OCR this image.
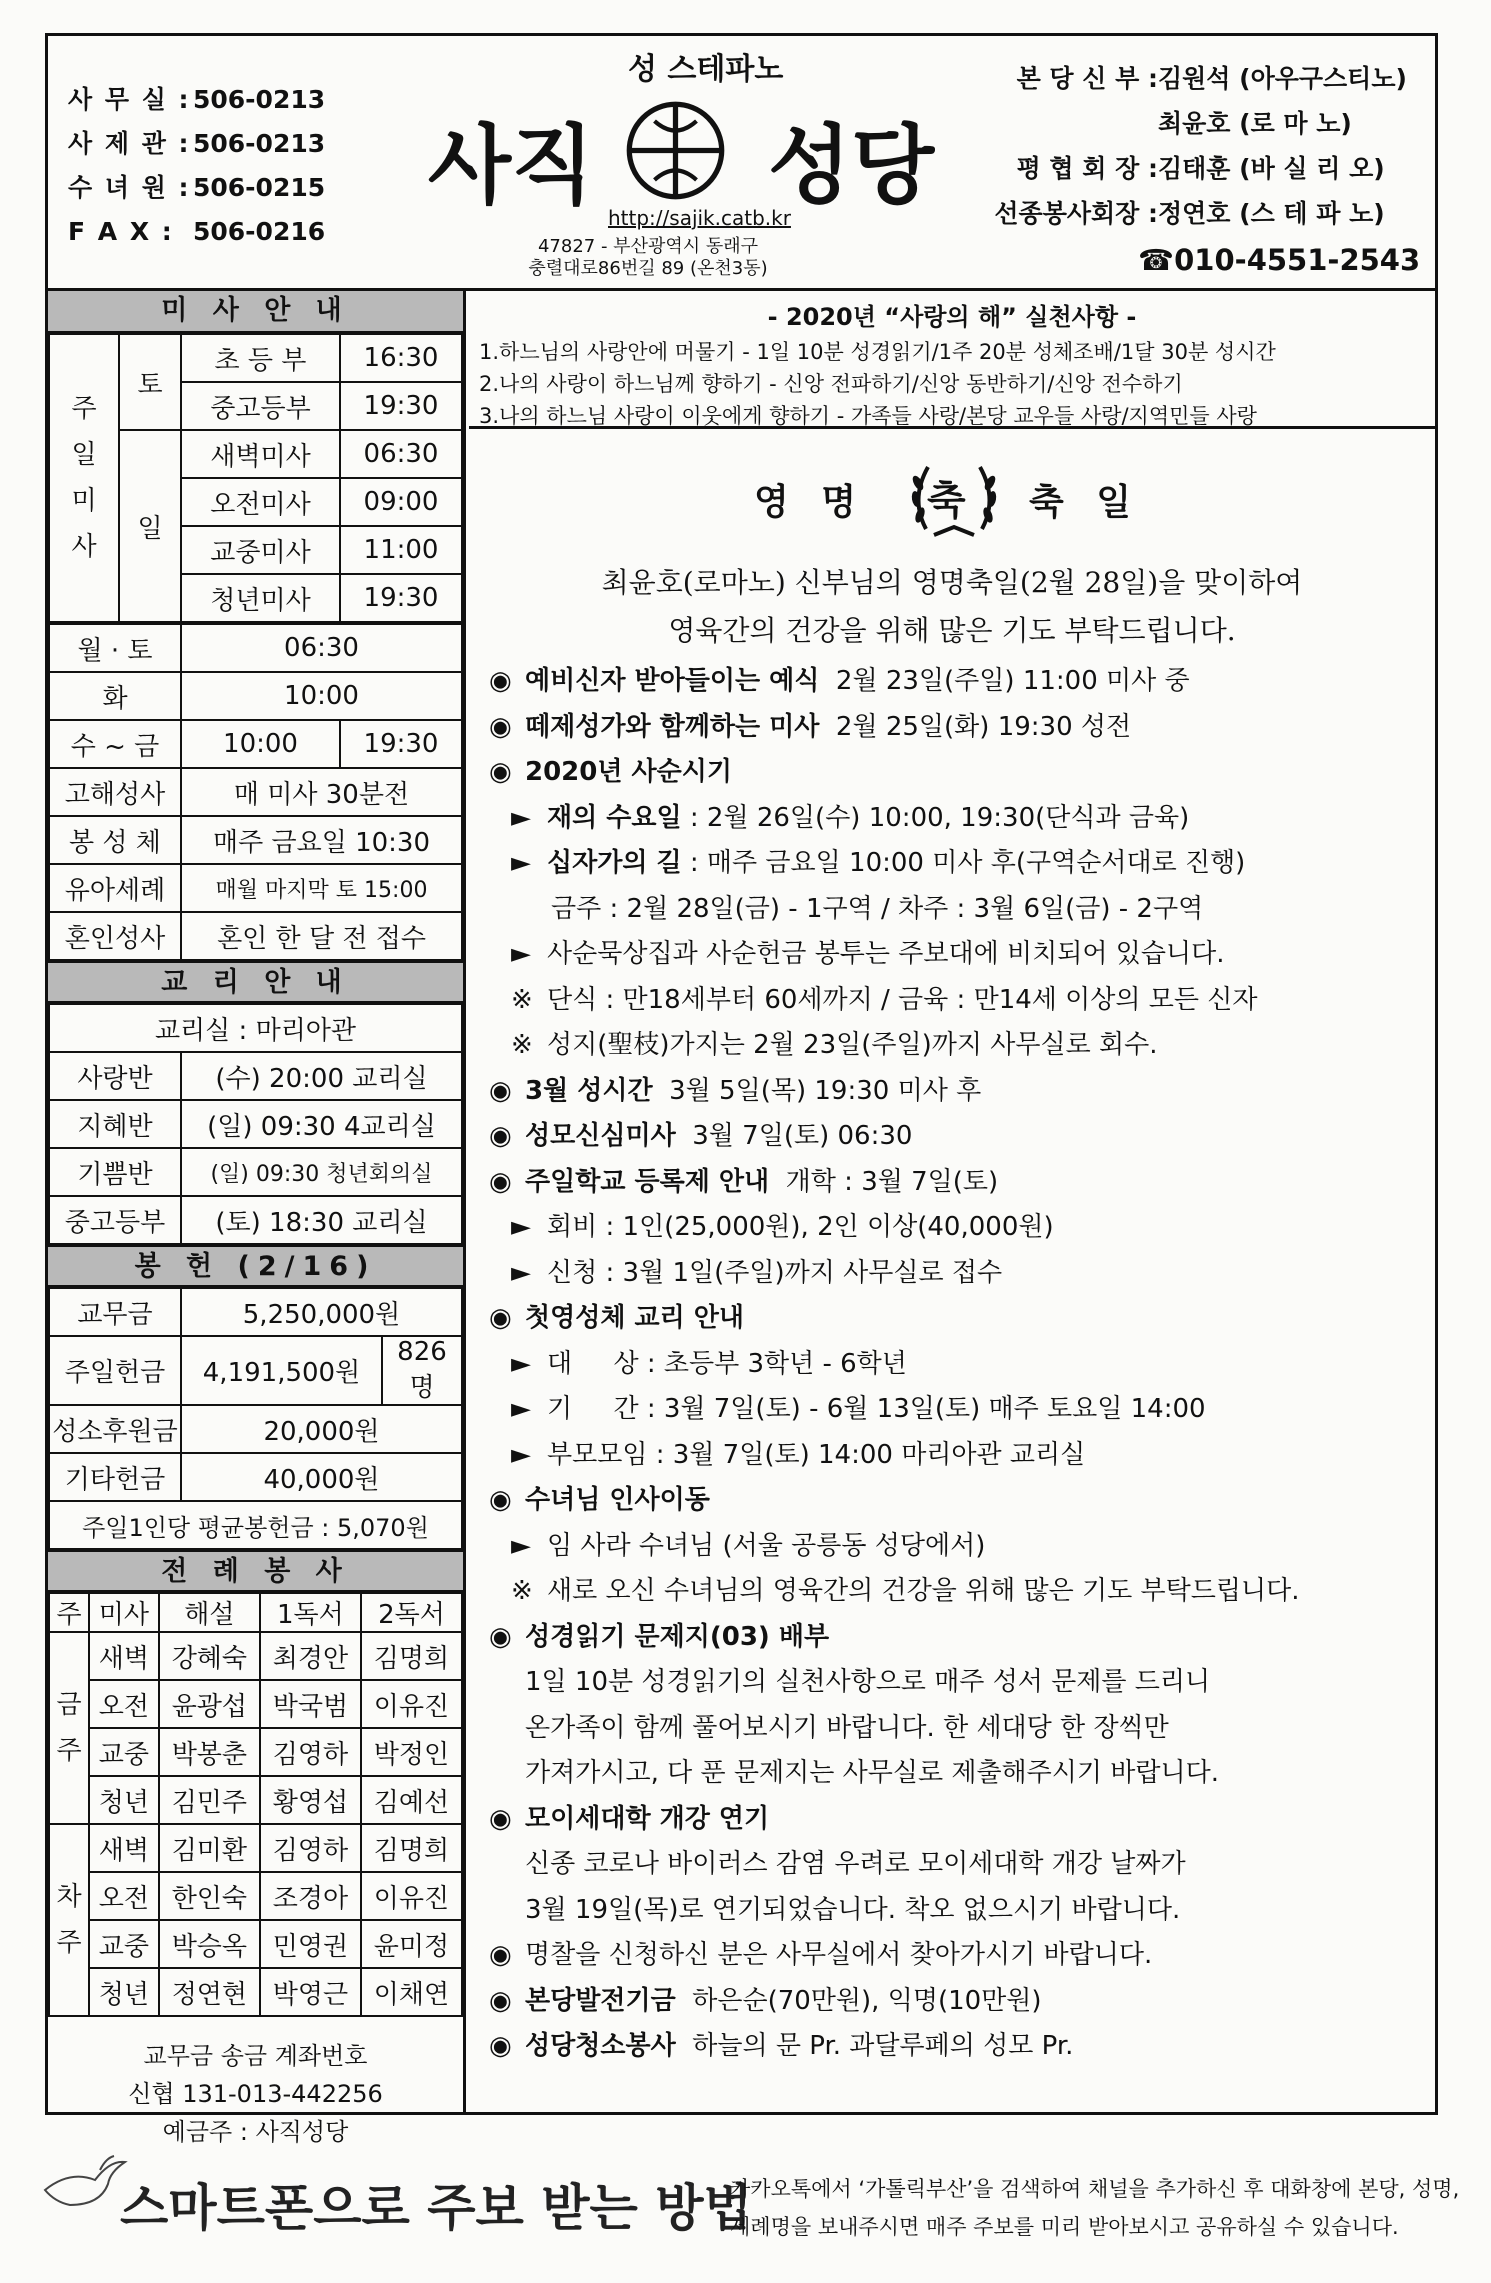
사 무 실 : 506-0213
사 제 관 : 506-0213
수 녀 원 : 506-0215
F A X : 506-0216
성 스테파노
사직 성당
http://sajik.catb.kr
47827 - 부산광역시 동래구
충렬대로86번길 89 (온천3동)
본 당 신 부 : 김원석 (아우구스티노)
최윤호 (로 마 노)
평 협 회 장 : 김태훈 (바 실 리 오)
선종봉사회장 : 정연호 (스 테 파 노)
☎010-4551-2543
미 사 안 내
주
일
미
사	토	초 등 부	16:30
		중고등부	19:30
	일	새벽미사	06:30
		오전미사	09:00
		교중미사	11:00
		청년미사	19:30
월 · 토	06:30	
화	10:00	
수 ~ 금	10:00	19:30
고해성사	매 미사 30분전	
봉 성 체	매주 금요일 10:30	
유아세례	매월 마지막 토 15:00	
혼인성사	혼인 한 달 전 접수	
교 리 안 내
교리실 : 마리아관	
사랑반	(수) 20:00 교리실
지혜반	(일) 09:30 4교리실
기쁨반	(일) 09:30 청년회의실
중고등부	(토) 18:30 교리실
봉 헌 (2/16)
교무금	5,250,000원	
주일헌금	4,191,500원	826명
성소후원금	20,000원	
기타헌금	40,000원	
주일1인당 평균봉헌금 : 5,070원		
전 례 봉 사
주	미사	해설	1독서	2독서
금
주	새벽	강혜숙	최경안	김명희
	오전	윤광섭	박국범	이유진
	교중	박봉춘	김영하	박정인
	청년	김민주	황영섭	김예선
차
주	새벽	김미환	김영하	김명희
	오전	한인숙	조경아	이유진
	교중	박승옥	민영권	윤미정
	청년	정연현	박영근	이채연
교무금 송금 계좌번호
신협 131-013-442256
예금주 : 사직성당
- 2020년 “사랑의 해” 실천사항 -
1.하느님의 사랑안에 머물기 - 1일 10분 성경읽기/1주 20분 성체조배/1달 30분 성시간
2.나의 사랑이 하느님께 향하기 - 신앙 전파하기/신앙 동반하기/신앙 전수하기
3.나의 하느님 사랑이 이웃에게 향하기 - 가족들 사랑/본당 교우들 사랑/지역민들 사랑
영 명 축 축 일
최윤호(로마노) 신부님의 영명축일(2월 28일)을 맞이하여
영육간의 건강을 위해 많은 기도 부탁드립니다.
◉ 예비신자 받아들이는 예식  2월 23일(주일) 11:00 미사 중
◉ 떼제성가와 함께하는 미사  2월 25일(화) 19:30 성전
◉ 2020년 사순시기
► 재의 수요일 : 2월 26일(수) 10:00, 19:30(단식과 금육)
► 십자가의 길 : 매주 금요일 10:00 미사 후(구역순서대로 진행)
금주 : 2월 28일(금) - 1구역 / 차주 : 3월 6일(금) - 2구역
► 사순묵상집과 사순헌금 봉투는 주보대에 비치되어 있습니다.
※ 단식 : 만18세부터 60세까지 / 금육 : 만14세 이상의 모든 신자
※ 성지(聖枝)가지는 2월 23일(주일)까지 사무실로 회수.
◉ 3월 성시간  3월 5일(목) 19:30 미사 후
◉ 성모신심미사  3월 7일(토) 06:30
◉ 주일학교 등록제 안내  개학 : 3월 7일(토)
► 회비 : 1인(25,000원), 2인 이상(40,000원)
► 신청 : 3월 1일(주일)까지 사무실로 접수
◉ 첫영성체 교리 안내
► 대     상 : 초등부 3학년 - 6학년
► 기     간 : 3월 7일(토) - 6월 13일(토) 매주 토요일 14:00
► 부모모임 : 3월 7일(토) 14:00 마리아관 교리실
◉ 수녀님 인사이동
► 임 사라 수녀님 (서울 공릉동 성당에서)
※ 새로 오신 수녀님의 영육간의 건강을 위해 많은 기도 부탁드립니다.
◉ 성경읽기 문제지(03) 배부
1일 10분 성경읽기의 실천사항으로 매주 성서 문제를 드리니
온가족이 함께 풀어보시기 바랍니다. 한 세대당 한 장씩만
가져가시고, 다 푼 문제지는 사무실로 제출해주시기 바랍니다.
◉ 모이세대학 개강 연기
신종 코로나 바이러스 감염 우려로 모이세대학 개강 날짜가
3월 19일(목)로 연기되었습니다. 착오 없으시기 바랍니다.
◉ 명찰을 신청하신 분은 사무실에서 찾아가시기 바랍니다.
◉ 본당발전기금  하은순(70만원), 익명(10만원)
◉ 성당청소봉사  하늘의 문 Pr. 과달루페의 성모 Pr.
스마트폰으로 주보 받는 방법
카카오톡에서 ‘가톨릭부산’을 검색하여 채널을 추가하신 후 대화창에 본당, 성명,
세례명을 보내주시면 매주 주보를 미리 받아보시고 공유하실 수 있습니다.
